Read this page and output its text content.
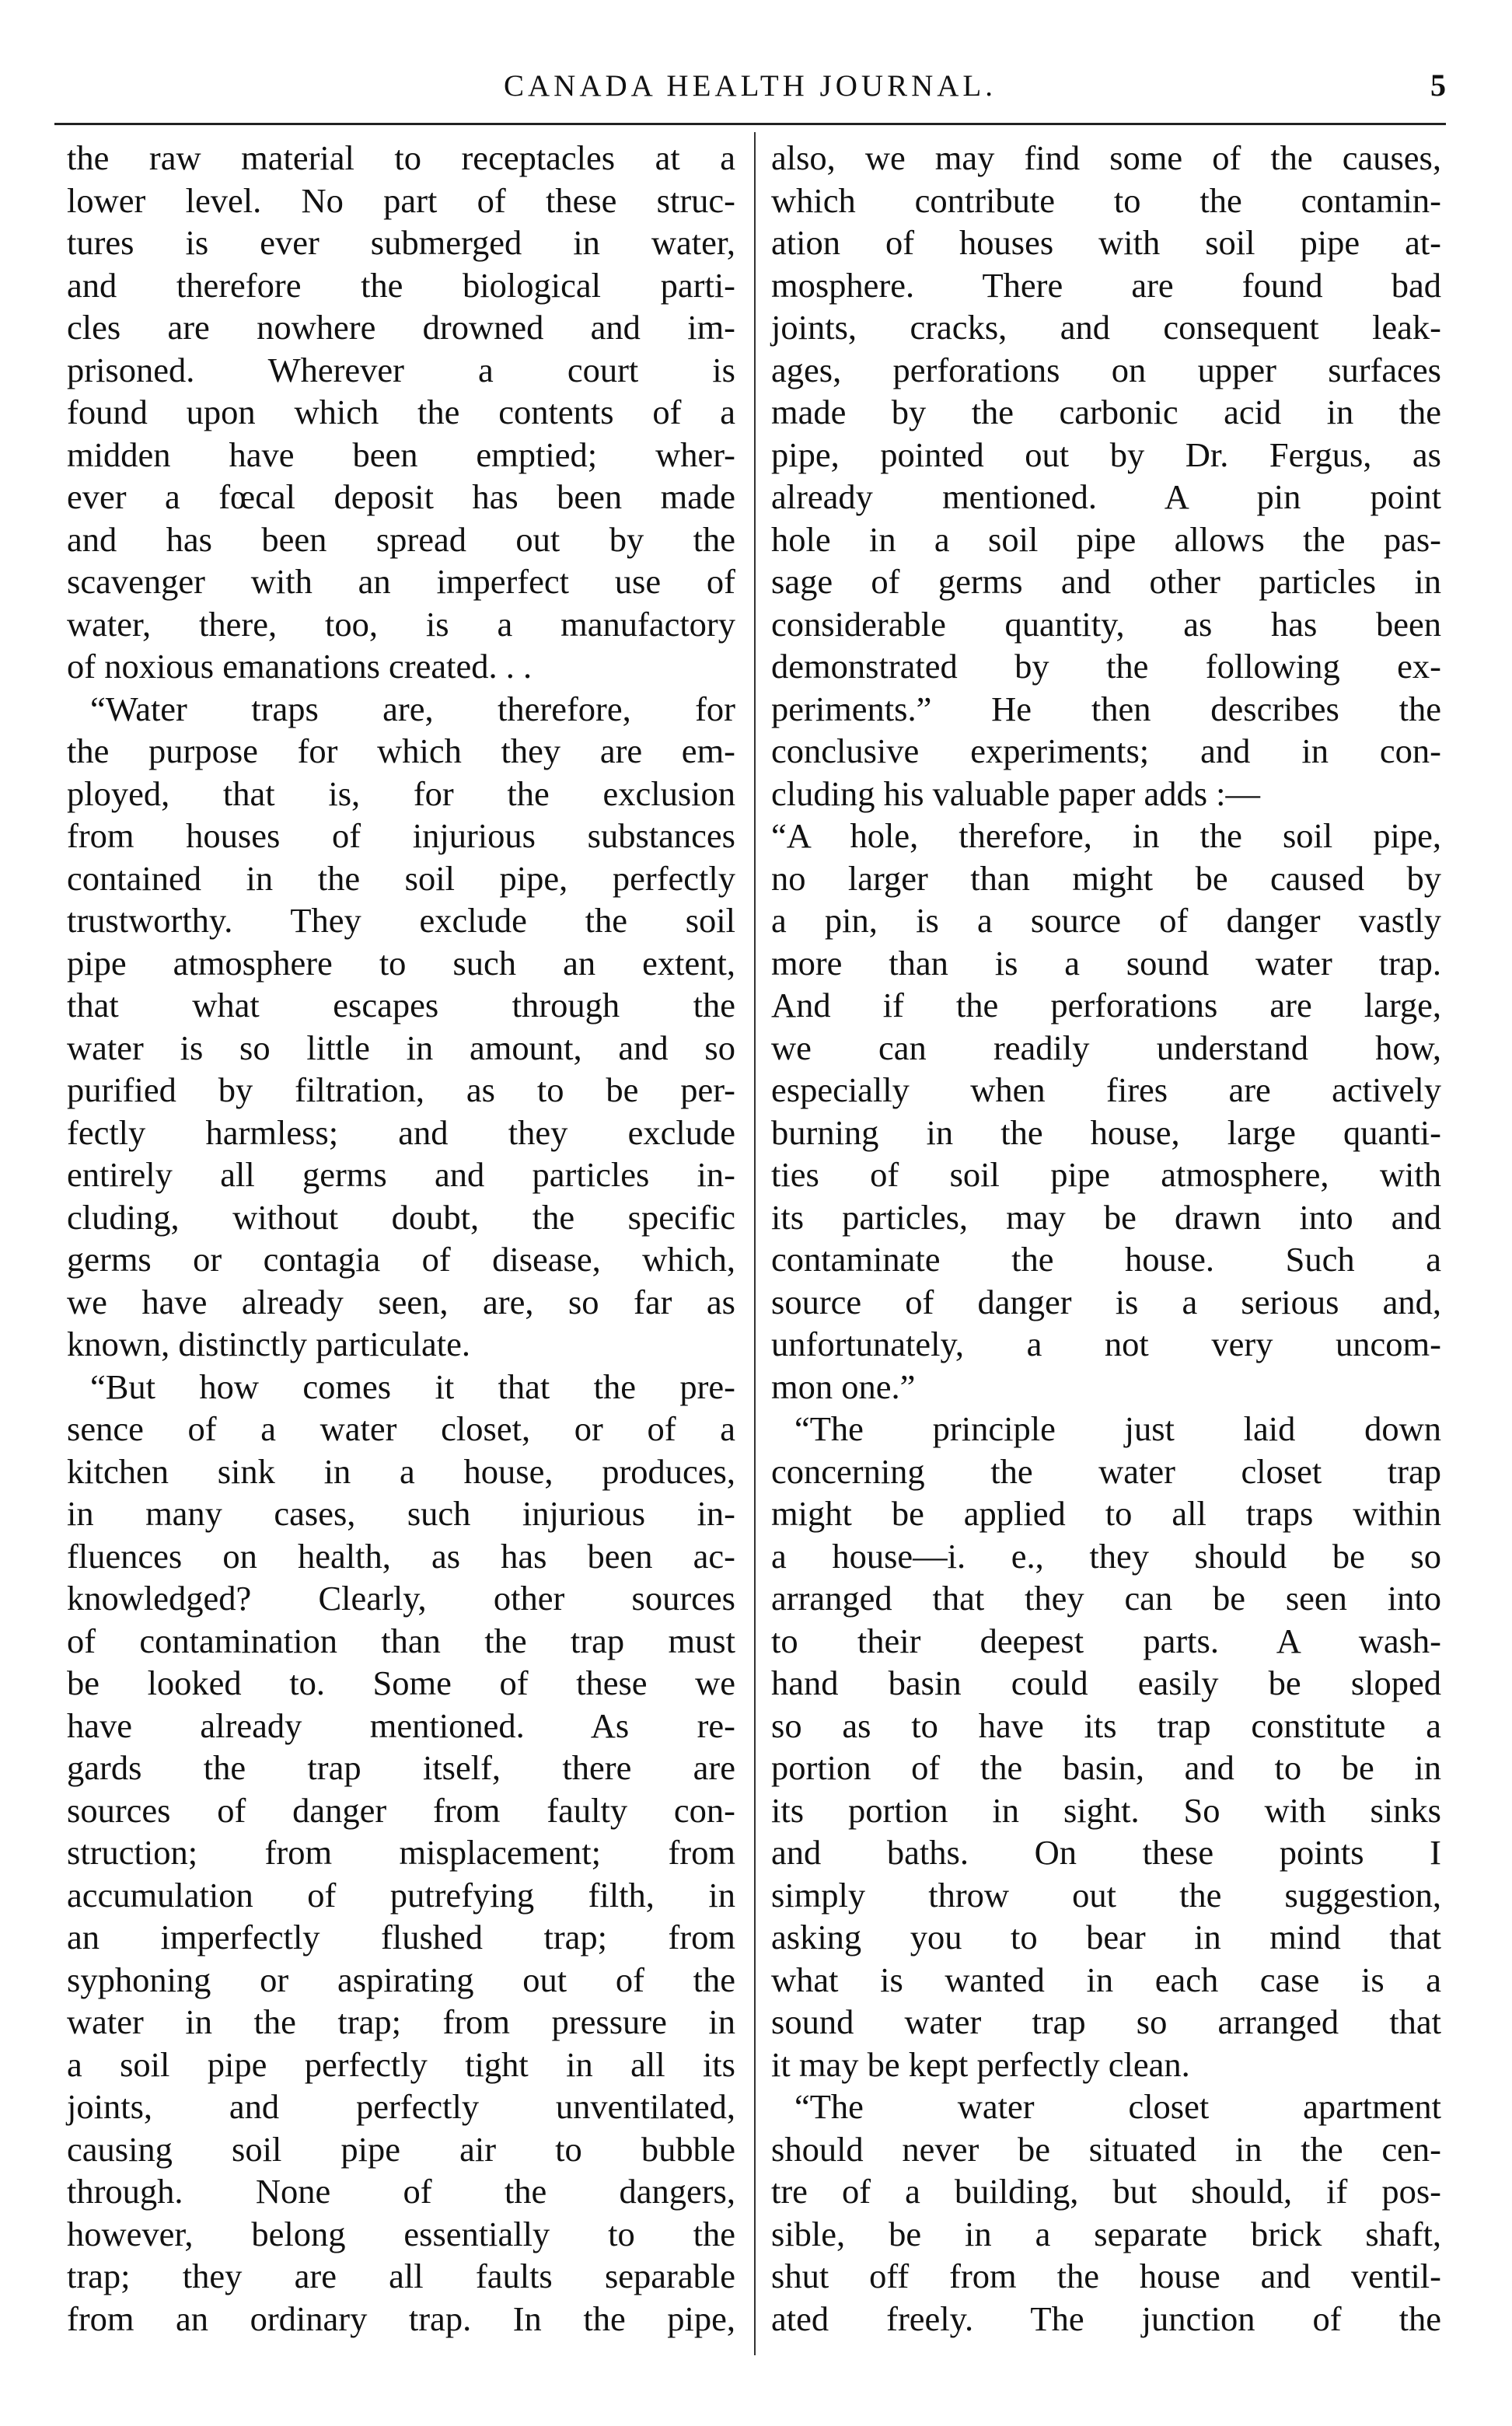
CANADA HEALTH JOURNAL.	5
the raw material to receptacles at a
lower level. No part of these struc-
tures is ever submerged in water,
and therefore the biological parti-
cles are nowhere drowned and im-
prisoned. Wherever a court is
found upon which the contents of a
midden have been emptied; wher-
ever a fœcal deposit has been made
and has been spread out by the
scavenger with an imperfect use of
water, there, too, is a manufactory
of noxious emanations created. . .
“Water traps are, therefore, for
the purpose for which they are em-
ployed, that is, for the exclusion
from houses of injurious substances
contained in the soil pipe, perfectly
trustworthy. They exclude the soil
pipe atmosphere to such an extent,
that what escapes through the
water is so little in amount, and so
purified by filtration, as to be per-
fectly harmless; and they exclude
entirely all germs and particles in-
cluding, without doubt, the specific
germs or contagia of disease, which,
we have already seen, are, so far as
known, distinctly particulate.
“But how comes it that the pre-
sence of a water closet, or of a
kitchen sink in a house, produces,
in many cases, such injurious in-
fluences on health, as has been ac-
knowledged? Clearly, other sources
of contamination than the trap must
be looked to. Some of these we
have already mentioned. As re-
gards the trap itself, there are
sources of danger from faulty con-
struction; from misplacement; from
accumulation of putrefying filth, in
an imperfectly flushed trap; from
syphoning or aspirating out of the
water in the trap; from pressure in
a soil pipe perfectly tight in all its
joints, and perfectly unventilated,
causing soil pipe air to bubble
through. None of the dangers,
however, belong essentially to the
trap; they are all faults separable
from an ordinary trap. In the pipe,
also, we may find some of the causes,
which contribute to the contamin-
ation of houses with soil pipe at-
mosphere. There are found bad
joints, cracks, and consequent leak-
ages, perforations on upper surfaces
made by the carbonic acid in the
pipe, pointed out by Dr. Fergus, as
already mentioned. A pin point
hole in a soil pipe allows the pas-
sage of germs and other particles in
considerable quantity, as has been
demonstrated by the following ex-
periments.” He then describes the
conclusive experiments; and in con-
cluding his valuable paper adds :—
“A hole, therefore, in the soil pipe,
no larger than might be caused by
a pin, is a source of danger vastly
more than is a sound water trap.
And if the perforations are large,
we can readily understand how,
especially when fires are actively
burning in the house, large quanti-
ties of soil pipe atmosphere, with
its particles, may be drawn into and
contaminate the house. Such a
source of danger is a serious and,
unfortunately, a not very uncom-
mon one.”
“The principle just laid down
concerning the water closet trap
might be applied to all traps within
a house—i. e., they should be so
arranged that they can be seen into
to their deepest parts. A wash-
hand basin could easily be sloped
so as to have its trap constitute a
portion of the basin, and to be in
its portion in sight. So with sinks
and baths. On these points I
simply throw out the suggestion,
asking you to bear in mind that
what is wanted in each case is a
sound water trap so arranged that
it may be kept perfectly clean.
“The water closet apartment
should never be situated in the cen-
tre of a building, but should, if pos-
sible, be in a separate brick shaft,
shut off from the house and ventil-
ated freely. The junction of the
